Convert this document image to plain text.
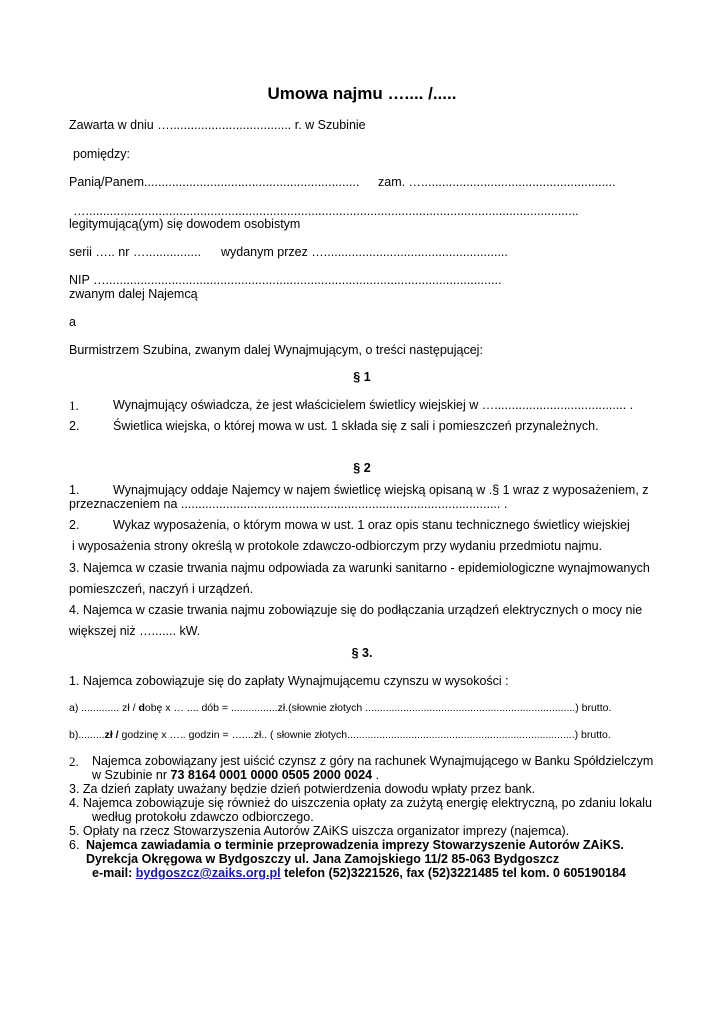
Umowa najmu ….... /.....
Zawarta w dniu …................................... r. w Szubinie
pomiędzy:
Panią/Panem.............................................................. zam. …........................................................
…..............................................................................................................................................
legitymującą(ym) się dowodem osobistym
serii ….. nr …................ wydanym przez ….....................................................
NIP …..................................................................................................................
zwanym dalej Najemcą
a
Burmistrzem Szubina, zwanym dalej Wynajmującym, o treści następującej:
§ 1
1.	Wynajmujący oświadcza, że jest właścicielem świetlicy wiejskiej w …...................................... .
2.	Świetlica wiejska, o której mowa w ust. 1 składa się z sali i pomieszczeń przynależnych.
§ 2
1.	Wynajmujący oddaje Najemcy w najem świetlicę wiejską opisaną w .§ 1 wraz z wyposażeniem, z
przeznaczeniem na ............................................................................................ .
2.	Wykaz wyposażenia, o którym mowa w ust. 1 oraz opis stanu technicznego świetlicy wiejskiej
i wyposażenia strony określą w protokole zdawczo-odbiorczym przy wydaniu przedmiotu najmu.
3. Najemca w czasie trwania najmu odpowiada za warunki sanitarno - epidemiologiczne wynajmowanych
pomieszczeń, naczyń i urządzeń.
4. Najemca w czasie trwania najmu zobowiązuje się do podłączania urządzeń elektrycznych o mocy nie
większej niż …....... kW.
§ 3.
1. Najemca zobowiązuje się do zapłaty Wynajmującemu czynszu w wysokości :
a) ............. zł / dobę x … .... dób = ................zł.(słownie złotych ........................................................................) brutto.
b).........zł / godzinę x ….. godzin = …....zł.. ( słownie złotych..............................................................................) brutto.
2. Najemca zobowiązany jest uiścić czynsz z góry na rachunek Wynajmującego w Banku Spółdzielczym
w Szubinie nr 73 8164 0001 0000 0505 2000 0024 .
3. Za dzień zapłaty uważany będzie dzień potwierdzenia dowodu wpłaty przez bank.
4. Najemca zobowiązuje się również do uiszczenia opłaty za zużytą energię elektryczną, po zdaniu lokalu
według protokołu zdawczo odbiorczego.
5. Opłaty na rzecz Stowarzyszenia Autorów ZAiKS uiszcza organizator imprezy (najemca).
6. Najemca zawiadamia o terminie przeprowadzenia imprezy Stowarzyszenie Autorów ZAiKS.
Dyrekcja Okręgowa w Bydgoszczy ul. Jana Zamojskiego 11/2 85-063 Bydgoszcz
e-mail: bydgoszcz@zaiks.org.pl telefon (52)3221526, fax (52)3221485 tel kom. 0 605190184
